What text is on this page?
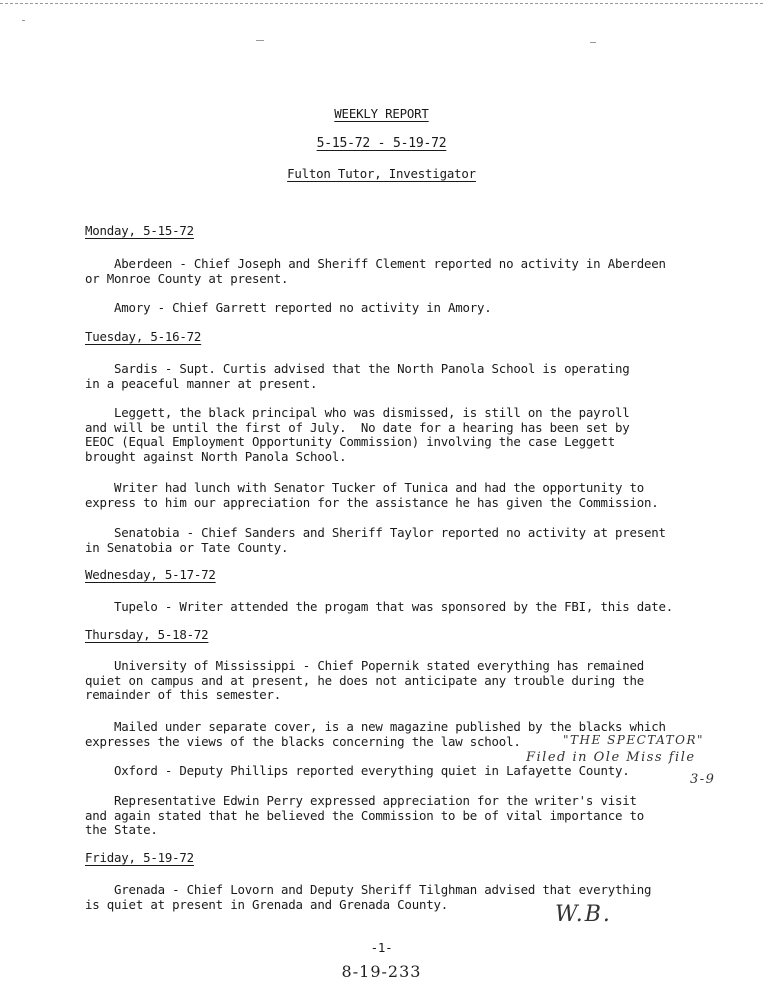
WEEKLY REPORT
5-15-72 - 5-19-72
Fulton Tutor, Investigator
Monday, 5-15-72
Aberdeen - Chief Joseph and Sheriff Clement reported no activity in Aberdeen
or Monroe County at present.
Amory - Chief Garrett reported no activity in Amory.
Tuesday, 5-16-72
Sardis - Supt. Curtis advised that the North Panola School is operating
in a peaceful manner at present.
Leggett, the black principal who was dismissed, is still on the payroll
and will be until the first of July.  No date for a hearing has been set by
EEOC (Equal Employment Opportunity Commission) involving the case Leggett
brought against North Panola School.
Writer had lunch with Senator Tucker of Tunica and had the opportunity to
express to him our appreciation for the assistance he has given the Commission.
Senatobia - Chief Sanders and Sheriff Taylor reported no activity at present
in Senatobia or Tate County.
Wednesday, 5-17-72
Tupelo - Writer attended the progam that was sponsored by the FBI, this date.
Thursday, 5-18-72
University of Mississippi - Chief Popernik stated everything has remained
quiet on campus and at present, he does not anticipate any trouble during the
remainder of this semester.
Mailed under separate cover, is a new magazine published by the blacks which
expresses the views of the blacks concerning the law school.
Oxford - Deputy Phillips reported everything quiet in Lafayette County.
Representative Edwin Perry expressed appreciation for the writer's visit
and again stated that he believed the Commission to be of vital importance to
the State.
Friday, 5-19-72
Grenada - Chief Lovorn and Deputy Sheriff Tilghman advised that everything
is quiet at present in Grenada and Grenada County.
"THE SPECTATOR"
Filed in Ole Miss file
3-9
W.B.
-1-
8-19-233
